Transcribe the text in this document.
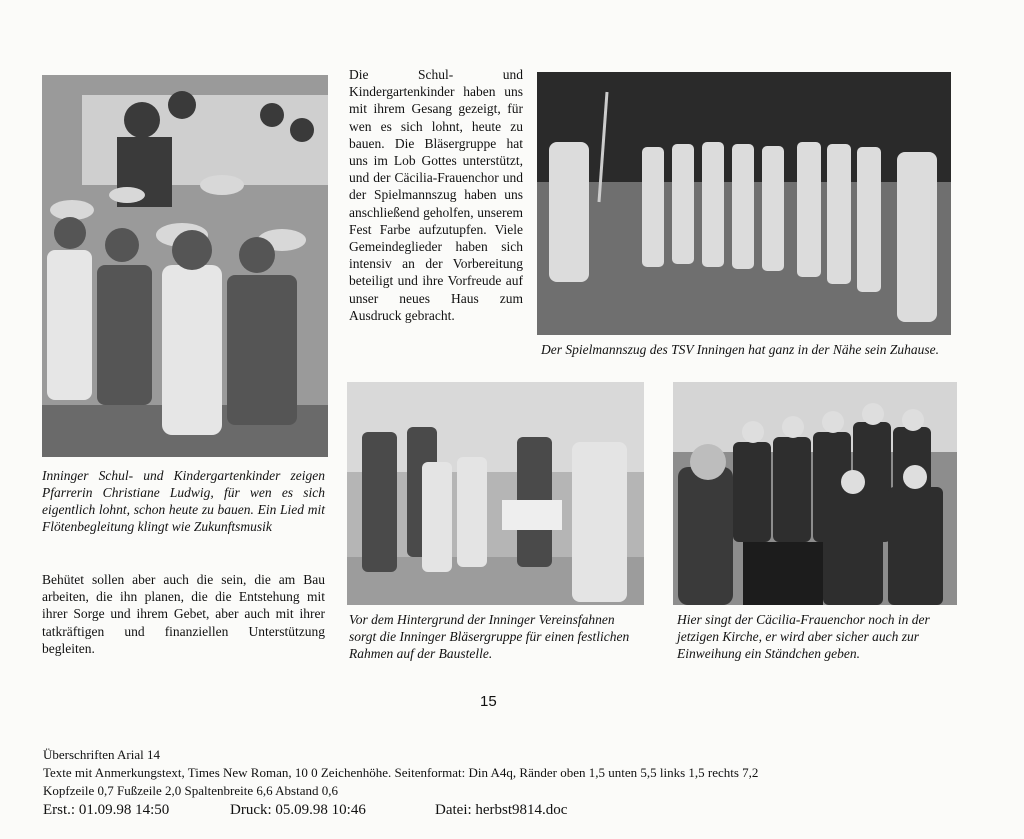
Die Schul- und Kindergartenkinder haben uns mit ihrem Gesang gezeigt, für wen es sich lohnt, heute zu bauen. Die Bläsergruppe hat uns im Lob Gottes unterstützt, und der Cäcilia-Frauenchor und der Spielmannszug haben uns anschließend geholfen, unserem Fest Farbe aufzutupfen. Viele Gemeindeglieder haben sich intensiv an der Vorbereitung beteiligt und ihre Vorfreude auf unser neues Haus zum Ausdruck gebracht.
Der Spielmannszug des TSV Inningen hat ganz in der Nähe sein Zuhause.
Inninger Schul- und Kindergartenkinder zeigen Pfarrerin Christiane Ludwig, für wen es sich eigentlich lohnt, schon heute zu bauen. Ein Lied mit Flötenbegleitung klingt wie Zukunftsmusik
Vor dem Hintergrund der Inninger Vereinsfahnen sorgt die Inninger Bläsergruppe für einen festlichen Rahmen auf der Baustelle.
Hier singt der Cäcilia-Frauenchor noch in der jetzigen Kirche, er wird aber sicher auch zur Einweihung ein Ständchen geben.
Behütet sollen aber auch die sein, die am Bau arbeiten, die ihn planen, die die Entstehung mit ihrer Sorge und ihrem Gebet, aber auch mit ihrer tatkräftigen und finanziellen Unterstützung begleiten.
15
Überschriften Arial 14
Texte mit Anmerkungstext, Times New Roman, 10 0 Zeichenhöhe. Seitenformat: Din A4q, Ränder oben 1,5 unten 5,5 links 1,5 rechts 7,2
Kopfzeile 0,7 Fußzeile 2,0 Spaltenbreite 6,6 Abstand 0,6
Erst.: 01.09.98 14:50	Druck: 05.09.98 10:46	Datei: herbst9814.doc
